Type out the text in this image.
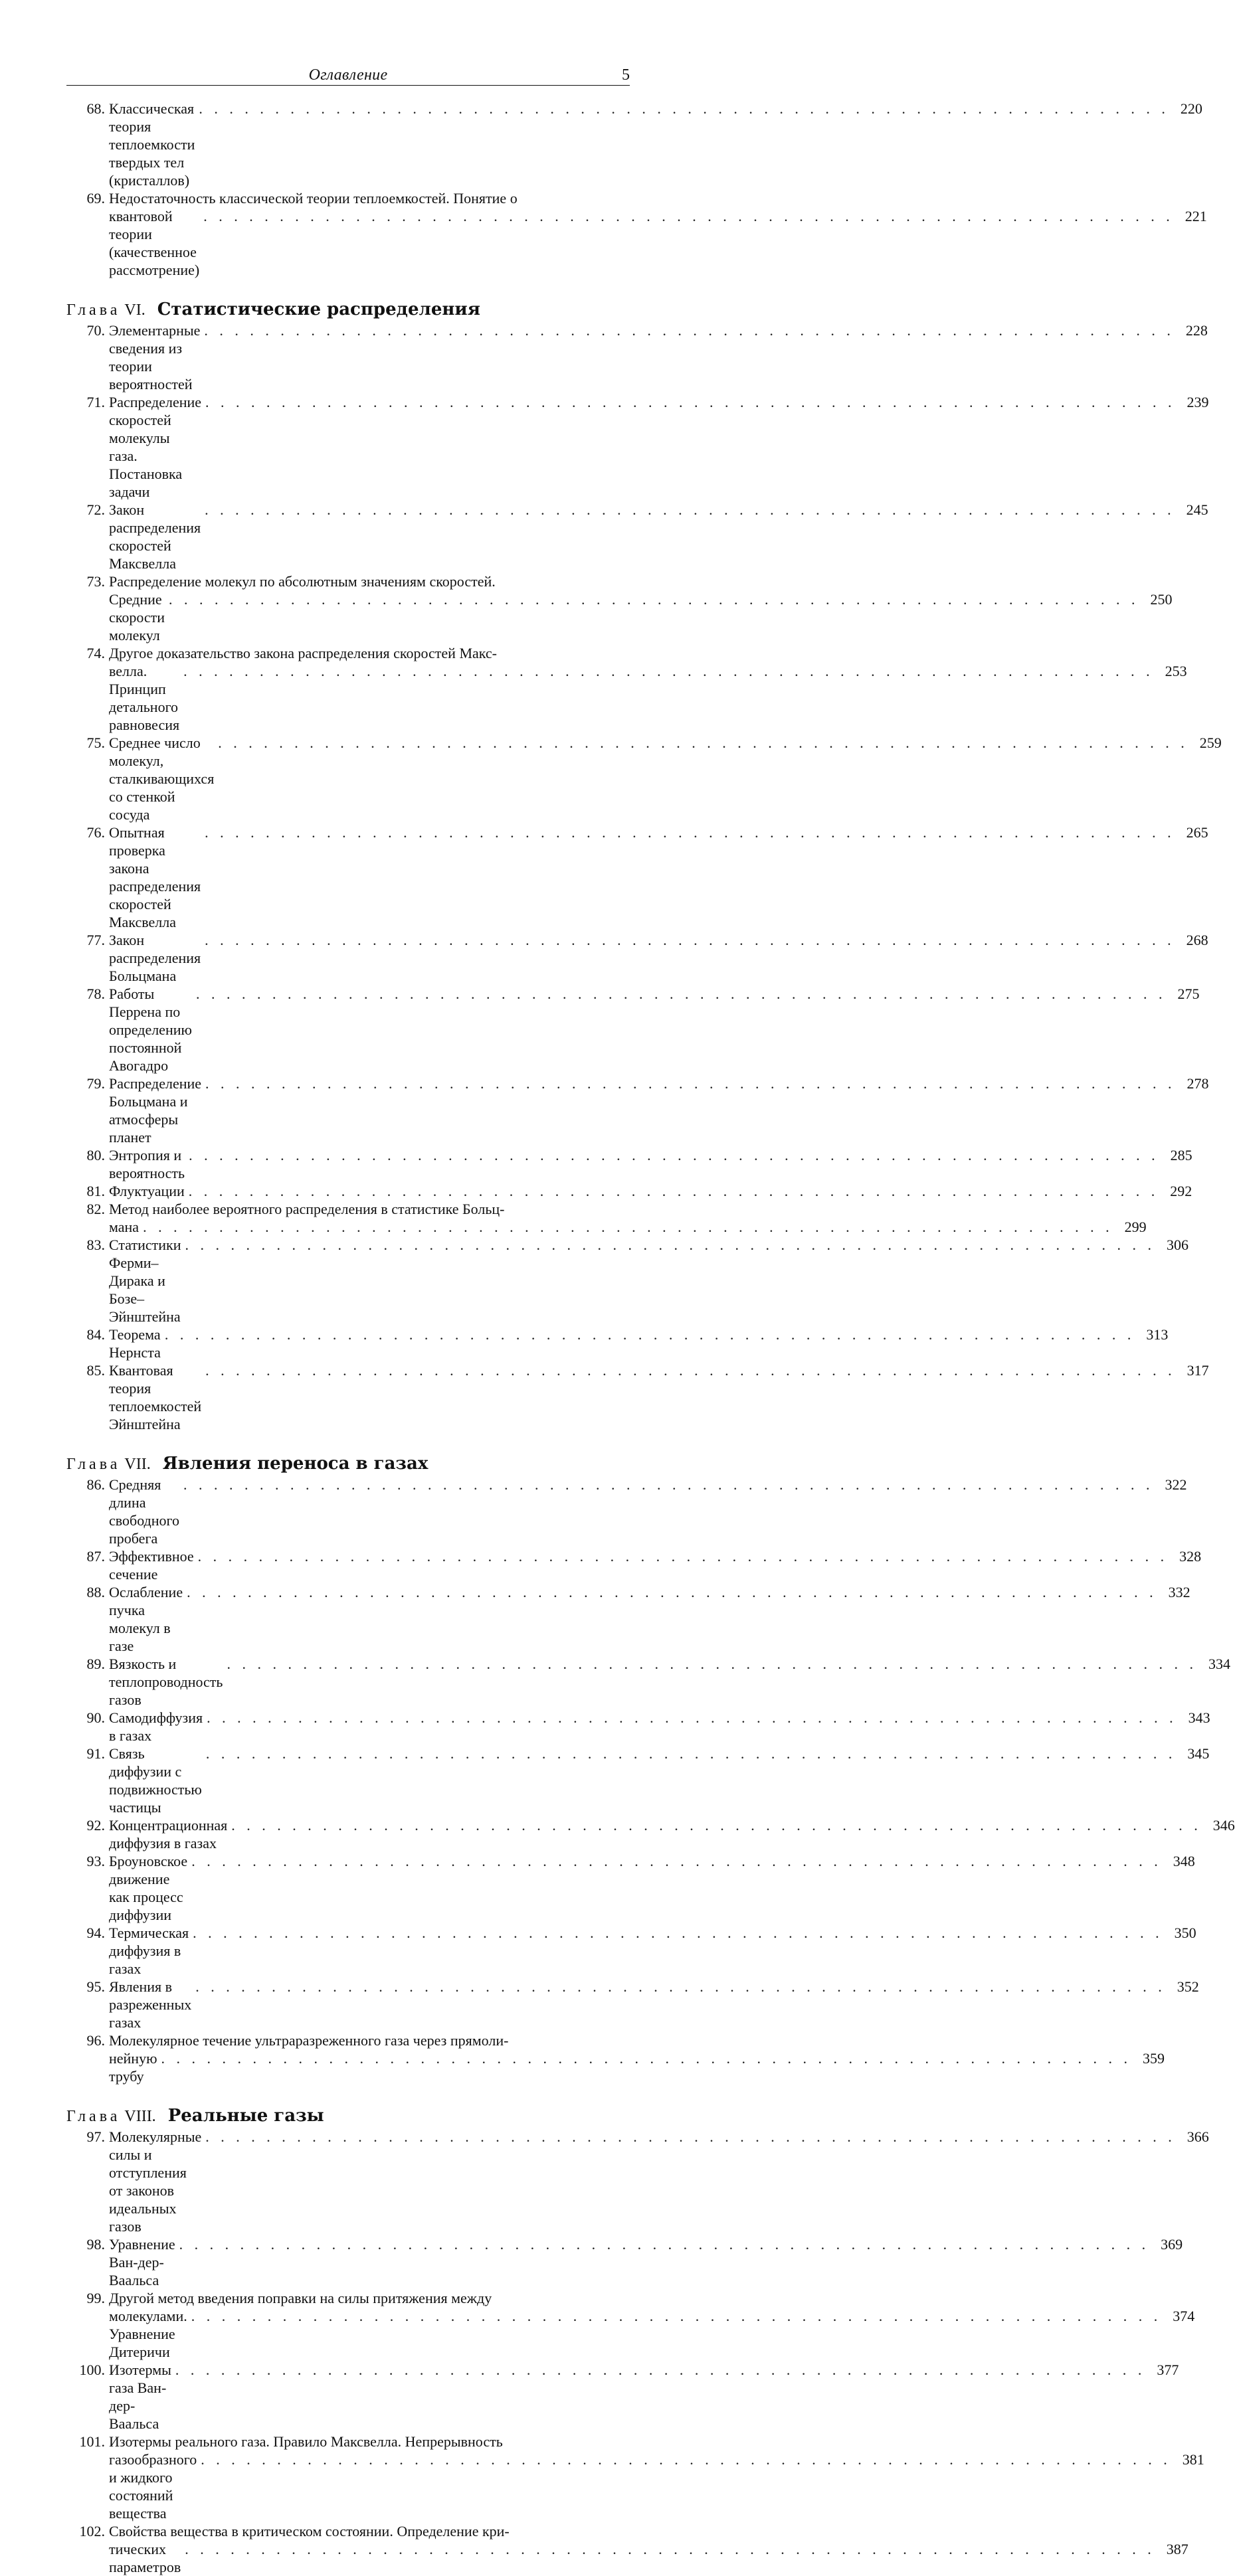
Оглавление	5
68. Классическая теория теплоемкости твердых тел (кристаллов)
. . . . . . . . . . . . . . . . . . . . . . . . . . . . . . . . . . . . . . . . . . . . . . . . . . . . . . . . . . . . . . . . 220
69. Недостаточность классической теории теплоемкостей. Понятие о
квантовой теории (качественное рассмотрение)
. . . . . . . . . . . . . . . . . . . . . . . . . . . . . . . . . . . . . . . . . . . . . . . . . . . . . . . . . . . . . . . . 221
Глава VI. Статистические распределения
70. Элементарные сведения из теории вероятностей
. . . . . . . . . . . . . . . . . . . . . . . . . . . . . . . . . . . . . . . . . . . . . . . . . . . . . . . . . . . . . . . . 228
71. Распределение скоростей молекулы газа. Постановка задачи
. . . . . . . . . . . . . . . . . . . . . . . . . . . . . . . . . . . . . . . . . . . . . . . . . . . . . . . . . . . . . . . . 239
72. Закон распределения скоростей Максвелла
. . . . . . . . . . . . . . . . . . . . . . . . . . . . . . . . . . . . . . . . . . . . . . . . . . . . . . . . . . . . . . . . 245
73. Распределение молекул по абсолютным значениям скоростей.
Средние скорости молекул
. . . . . . . . . . . . . . . . . . . . . . . . . . . . . . . . . . . . . . . . . . . . . . . . . . . . . . . . . . . . . . . . 250
74. Другое доказательство закона распределения скоростей Макс-
велла. Принцип детального равновесия
. . . . . . . . . . . . . . . . . . . . . . . . . . . . . . . . . . . . . . . . . . . . . . . . . . . . . . . . . . . . . . . . 253
75. Среднее число молекул, сталкивающихся со стенкой сосуда
. . . . . . . . . . . . . . . . . . . . . . . . . . . . . . . . . . . . . . . . . . . . . . . . . . . . . . . . . . . . . . . . 259
76. Опытная проверка закона распределения скоростей Максвелла
. . . . . . . . . . . . . . . . . . . . . . . . . . . . . . . . . . . . . . . . . . . . . . . . . . . . . . . . . . . . . . . . 265
77. Закон распределения Больцмана
. . . . . . . . . . . . . . . . . . . . . . . . . . . . . . . . . . . . . . . . . . . . . . . . . . . . . . . . . . . . . . . . 268
78. Работы Перрена по определению постоянной Авогадро
. . . . . . . . . . . . . . . . . . . . . . . . . . . . . . . . . . . . . . . . . . . . . . . . . . . . . . . . . . . . . . . . 275
79. Распределение Больцмана и атмосферы планет
. . . . . . . . . . . . . . . . . . . . . . . . . . . . . . . . . . . . . . . . . . . . . . . . . . . . . . . . . . . . . . . . 278
80. Энтропия и вероятность
. . . . . . . . . . . . . . . . . . . . . . . . . . . . . . . . . . . . . . . . . . . . . . . . . . . . . . . . . . . . . . . . 285
81. Флуктуации . . . . . . . . . . . . . . . . . . . . . . . . . . . . . . . . . . . . . . . . . . . . . . . . . . . . . . . . . . . . . . . . 292
82. Метод наиболее вероятного распределения в статистике Больц-
мана . . . . . . . . . . . . . . . . . . . . . . . . . . . . . . . . . . . . . . . . . . . . . . . . . . . . . . . . . . . . . . . . 299
83. Статистики Ферми–Дирака и Бозе–Эйнштейна
. . . . . . . . . . . . . . . . . . . . . . . . . . . . . . . . . . . . . . . . . . . . . . . . . . . . . . . . . . . . . . . . 306
84. Теорема Нернста
. . . . . . . . . . . . . . . . . . . . . . . . . . . . . . . . . . . . . . . . . . . . . . . . . . . . . . . . . . . . . . . . 313
85. Квантовая теория теплоемкостей Эйнштейна
. . . . . . . . . . . . . . . . . . . . . . . . . . . . . . . . . . . . . . . . . . . . . . . . . . . . . . . . . . . . . . . . 317
Глава VII. Явления переноса в газах
86. Средняя длина свободного пробега
. . . . . . . . . . . . . . . . . . . . . . . . . . . . . . . . . . . . . . . . . . . . . . . . . . . . . . . . . . . . . . . . 322
87. Эффективное сечение
. . . . . . . . . . . . . . . . . . . . . . . . . . . . . . . . . . . . . . . . . . . . . . . . . . . . . . . . . . . . . . . . 328
88. Ослабление пучка молекул в газе
. . . . . . . . . . . . . . . . . . . . . . . . . . . . . . . . . . . . . . . . . . . . . . . . . . . . . . . . . . . . . . . . 332
89. Вязкость и теплопроводность газов
. . . . . . . . . . . . . . . . . . . . . . . . . . . . . . . . . . . . . . . . . . . . . . . . . . . . . . . . . . . . . . . . 334
90. Самодиффузия в газах
. . . . . . . . . . . . . . . . . . . . . . . . . . . . . . . . . . . . . . . . . . . . . . . . . . . . . . . . . . . . . . . . 343
91. Связь диффузии с подвижностью частицы
. . . . . . . . . . . . . . . . . . . . . . . . . . . . . . . . . . . . . . . . . . . . . . . . . . . . . . . . . . . . . . . . 345
92. Концентрационная диффузия в газах
. . . . . . . . . . . . . . . . . . . . . . . . . . . . . . . . . . . . . . . . . . . . . . . . . . . . . . . . . . . . . . . . 346
93. Броуновское движение как процесс диффузии
. . . . . . . . . . . . . . . . . . . . . . . . . . . . . . . . . . . . . . . . . . . . . . . . . . . . . . . . . . . . . . . . 348
94. Термическая диффузия в газах
. . . . . . . . . . . . . . . . . . . . . . . . . . . . . . . . . . . . . . . . . . . . . . . . . . . . . . . . . . . . . . . . 350
95. Явления в разреженных газах
. . . . . . . . . . . . . . . . . . . . . . . . . . . . . . . . . . . . . . . . . . . . . . . . . . . . . . . . . . . . . . . . 352
96. Молекулярное течение ультраразреженного газа через прямоли-
нейную трубу
. . . . . . . . . . . . . . . . . . . . . . . . . . . . . . . . . . . . . . . . . . . . . . . . . . . . . . . . . . . . . . . . 359
Глава VIII. Реальные газы
97. Молекулярные силы и отступления от законов идеальных газов
. . . . . . . . . . . . . . . . . . . . . . . . . . . . . . . . . . . . . . . . . . . . . . . . . . . . . . . . . . . . . . . . 366
98. Уравнение Ван-дер-Ваальса
. . . . . . . . . . . . . . . . . . . . . . . . . . . . . . . . . . . . . . . . . . . . . . . . . . . . . . . . . . . . . . . . 369
99. Другой метод введения поправки на силы притяжения между
молекулами. Уравнение Дитеричи
. . . . . . . . . . . . . . . . . . . . . . . . . . . . . . . . . . . . . . . . . . . . . . . . . . . . . . . . . . . . . . . . 374
100. Изотермы газа Ван-дер-Ваальса
. . . . . . . . . . . . . . . . . . . . . . . . . . . . . . . . . . . . . . . . . . . . . . . . . . . . . . . . . . . . . . . . 377
101. Изотермы реального газа. Правило Максвелла. Непрерывность
газообразного и жидкого состояний вещества
. . . . . . . . . . . . . . . . . . . . . . . . . . . . . . . . . . . . . . . . . . . . . . . . . . . . . . . . . . . . . . . . 381
102. Свойства вещества в критическом состоянии. Определение кри-
тических параметров
. . . . . . . . . . . . . . . . . . . . . . . . . . . . . . . . . . . . . . . . . . . . . . . . . . . . . . . . . . . . . . . . 387
